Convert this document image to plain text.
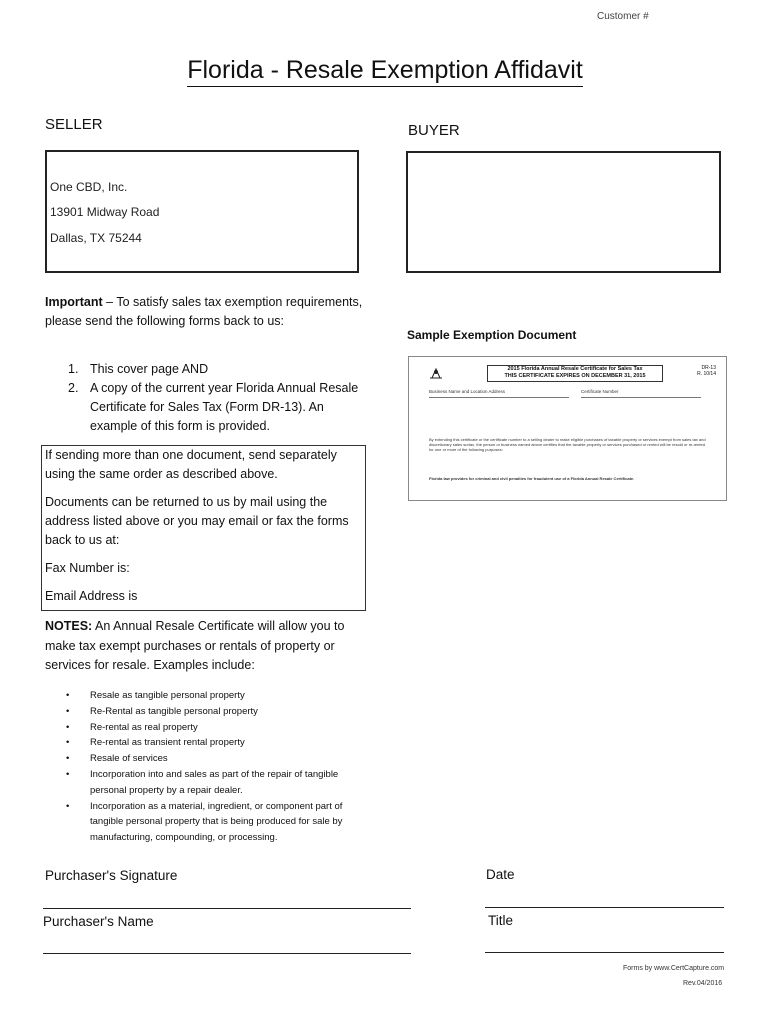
Customer #
Florida - Resale Exemption Affidavit
SELLER	BUYER
One CBD, Inc.
13901 Midway Road
Dallas, TX 75244
Important – To satisfy sales tax exemption requirements, please send the following forms back to us:
1. This cover page AND
2. A copy of the current year Florida Annual Resale Certificate for Sales Tax (Form DR-13). An example of this form is provided.

If sending more than one document, send separately using the same order as described above.

Documents can be returned to us by mail using the address listed above or you may email or fax the forms back to us at:

Fax Number is:

Email Address is

NOTES: An Annual Resale Certificate will allow you to make tax exempt purchases or rentals of property or services for resale. Examples include:
• Resale as tangible personal property
• Re-Rental as tangible personal property
• Re-rental as real property
• Re-rental as transient rental property
• Resale of services
• Incorporation into and sales as part of the repair of tangible personal property by a repair dealer.
• Incorporation as a material, ingredient, or component part of tangible personal property that is being produced for sale by manufacturing, compounding, or processing.
Sample Exemption Document
2015 Florida Annual Resale Certificate for Sales Tax
THIS CERTIFICATE EXPIRES ON DECEMBER 31, 2015
DR-13
R. 10/14
Business Name and Location Address	Certificate Number
By extending this certificate or the certificate number to a selling dealer to make eligible purchases of taxable property or services exempt from sales tax and discretionary sales surtax, the person or business named above certifies that the taxable property or services purchased or rented will be resold or re-rented for one or more of the following purposes:
Florida law provides for criminal and civil penalties for fraudulent use of a Florida Annual Resale Certificate.
Purchaser's Signature	Date
Purchaser's Name	Title
Forms by www.CertCapture.com
Rev.04/2016
